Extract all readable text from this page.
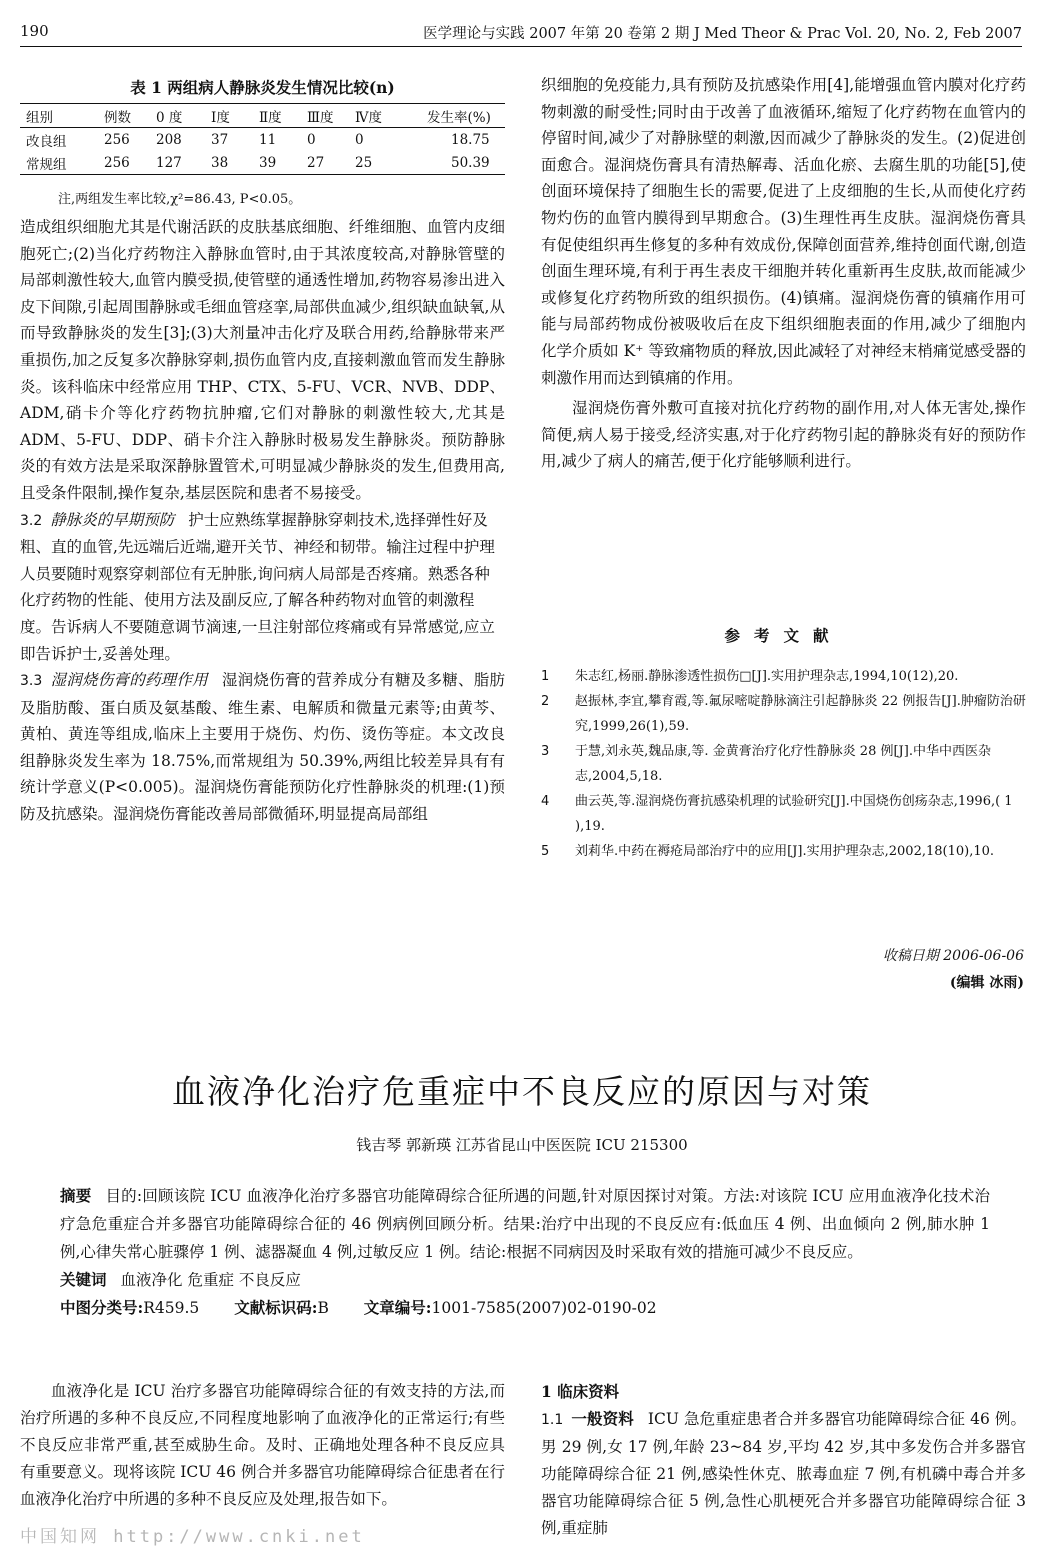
190	医学理论与实践 2007 年第 20 卷第 2 期 J Med Theor & Prac Vol. 20, No. 2, Feb 2007
表 1 两组病人静脉炎发生情况比较(n)
组别	例数	0 度	Ⅰ度	Ⅱ度	Ⅲ度	Ⅳ度	发生率(%)
改良组	256	208	37	11	0	0	18.75
常规组	256	127	38	39	27	25	50.39
注,两组发生率比较,χ²=86.43, P<0.05。

造成组织细胞尤其是代谢活跃的皮肤基底细胞、纤维细胞、血管内皮细胞死亡;(2)当化疗药物注入静脉血管时,由于其浓度较高,对静脉管壁的局部刺激性较大,血管内膜受损,使管壁的通透性增加,药物容易渗出进入皮下间隙,引起周围静脉或毛细血管痉挛,局部供血减少,组织缺血缺氧,从而导致静脉炎的发生[3];(3)大剂量冲击化疗及联合用药,给静脉带来严重损伤,加之反复多次静脉穿刺,损伤血管内皮,直接刺激血管而发生静脉炎。该科临床中经常应用 THP、CTX、5-FU、VCR、NVB、DDP、ADM,硝卡介等化疗药物抗肿瘤,它们对静脉的刺激性较大,尤其是 ADM、5-FU、DDP、硝卡介注入静脉时极易发生静脉炎。预防静脉炎的有效方法是采取深静脉置管术,可明显减少静脉炎的发生,但费用高,且受条件限制,操作复杂,基层医院和患者不易接受。

3.2 静脉炎的早期预防 护士应熟练掌握静脉穿刺技术,选择弹性好及粗、直的血管,先远端后近端,避开关节、神经和韧带。输注过程中护理人员要随时观察穿刺部位有无肿胀,询问病人局部是否疼痛。熟悉各种化疗药物的性能、使用方法及副反应,了解各种药物对血管的刺激程度。告诉病人不要随意调节滴速,一旦注射部位疼痛或有异常感觉,应立即告诉护士,妥善处理。

3.3 湿润烧伤膏的药理作用 湿润烧伤膏的营养成分有糖及多糖、脂肪及脂肪酸、蛋白质及氨基酸、维生素、电解质和微量元素等;由黄芩、黄柏、黄连等组成,临床上主要用于烧伤、灼伤、烫伤等症。本文改良组静脉炎发生率为 18.75%,而常规组为 50.39%,两组比较差异具有有统计学意义(P<0.005)。湿润烧伤膏能预防化疗性静脉炎的机理:(1)预防及抗感染。湿润烧伤膏能改善局部微循环,明显提高局部组

织细胞的免疫能力,具有预防及抗感染作用[4],能增强血管内膜对化疗药物刺激的耐受性;同时由于改善了血液循环,缩短了化疗药物在血管内的停留时间,减少了对静脉壁的刺激,因而减少了静脉炎的发生。(2)促进创面愈合。湿润烧伤膏具有清热解毒、活血化瘀、去腐生肌的功能[5],使创面环境保持了细胞生长的需要,促进了上皮细胞的生长,从而使化疗药物灼伤的血管内膜得到早期愈合。(3)生理性再生皮肤。湿润烧伤膏具有促使组织再生修复的多种有效成份,保障创面营养,维持创面代谢,创造创面生理环境,有利于再生表皮干细胞并转化重新再生皮肤,故而能减少或修复化疗药物所致的组织损伤。(4)镇痛。湿润烧伤膏的镇痛作用可能与局部药物成份被吸收后在皮下组织细胞表面的作用,减少了细胞内化学介质如 K⁺ 等致痛物质的释放,因此减轻了对神经末梢痛觉感受器的刺激作用而达到镇痛的作用。

湿润烧伤膏外敷可直接对抗化疗药物的副作用,对人体无害处,操作简便,病人易于接受,经济实惠,对于化疗药物引起的静脉炎有好的预防作用,减少了病人的痛苦,便于化疗能够顺利进行。

参考文献
1 朱志红,杨丽.静脉渗透性损伤□[J].实用护理杂志,1994,10(12),20.
2 赵振林,李宜,攀育霞,等.氟尿嘧啶静脉滴注引起静脉炎 22 例报告[J].肿瘤防治研究,1999,26(1),59.
3 于慧,刘永英,魏品康,等. 金黄膏治疗化疗性静脉炎 28 例[J].中华中西医杂志,2004,5,18.
4 曲云英,等.湿润烧伤膏抗感染机理的试验研究[J].中国烧伤创疡杂志,1996,( 1 ),19.
5 刘莉华.中药在褥疮局部治疗中的应用[J].实用护理杂志,2002,18(10),10.
收稿日期 2006-06-06
(编辑 冰雨)
血液净化治疗危重症中不良反应的原因与对策
钱吉琴 郭新瑛 江苏省昆山中医医院 ICU 215300

摘要 目的:回顾该院 ICU 血液净化治疗多器官功能障碍综合征所遇的问题,针对原因探讨对策。方法:对该院 ICU 应用血液净化技术治疗急危重症合并多器官功能障碍综合征的 46 例病例回顾分析。结果:治疗中出现的不良反应有:低血压 4 例、出血倾向 2 例,肺水肿 1 例,心律失常心脏骤停 1 例、滤器凝血 4 例,过敏反应 1 例。结论:根据不同病因及时采取有效的措施可减少不良反应。

关键词 血液净化 危重症 不良反应

中图分类号:R459.5 文献标识码:B 文章编号:1001-7585(2007)02-0190-02

血液净化是 ICU 治疗多器官功能障碍综合征的有效支持的方法,而治疗所遇的多种不良反应,不同程度地影响了血液净化的正常运行;有些不良反应非常严重,甚至威胁生命。及时、正确地处理各种不良反应具有重要意义。现将该院 ICU 46 例合并多器官功能障碍综合征患者在行血液净化治疗中所遇的多种不良反应及处理,报告如下。

1 临床资料

1.1 一般资料 ICU 急危重症患者合并多器官功能障碍综合征 46 例。男 29 例,女 17 例,年龄 23~84 岁,平均 42 岁,其中多发伤合并多器官功能障碍综合征 21 例,感染性休克、脓毒血症 7 例,有机磷中毒合并多器官功能障碍综合征 5 例,急性心肌梗死合并多器官功能障碍综合征 3 例,重症肺

中国知网 http://www.cnki.net
